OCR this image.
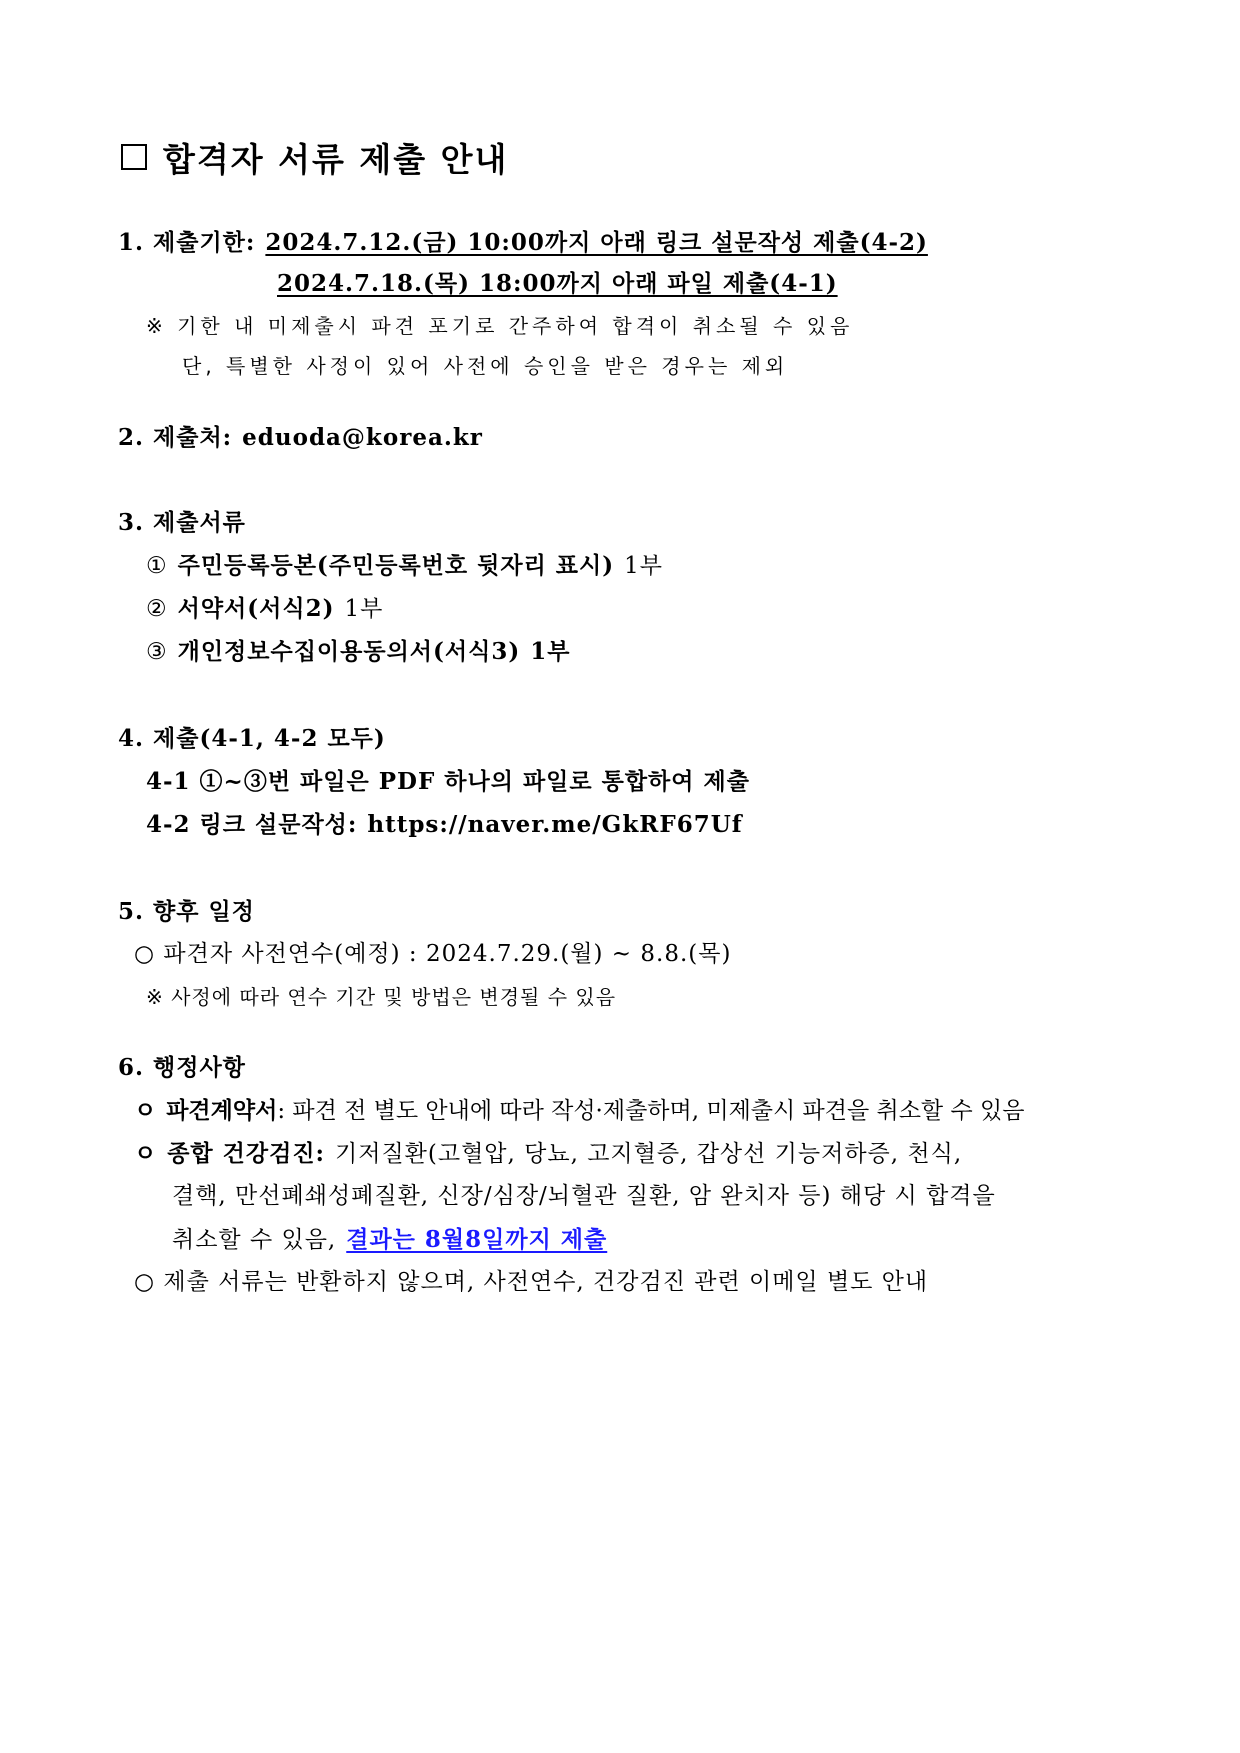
합격자 서류 제출 안내
1. 제출기한: 2024.7.12.(금) 10:00까지 아래 링크 설문작성 제출(4-2)
2024.7.18.(목) 18:00까지 아래 파일 제출(4-1)
※ 기한 내 미제출시 파견 포기로 간주하여 합격이 취소될 수 있음
단, 특별한 사정이 있어 사전에 승인을 받은 경우는 제외
2. 제출처: eduoda@korea.kr
3. 제출서류
① 주민등록등본(주민등록번호 뒷자리 표시) 1부
② 서약서(서식2) 1부
③ 개인정보수집이용동의서(서식3) 1부
4. 제출(4-1, 4-2 모두)
4-1 ①~③번 파일은 PDF 하나의 파일로 통합하여 제출
4-2 링크 설문작성: https://naver.me/GkRF67Uf
5. 향후 일정
○ 파견자 사전연수(예정) : 2024.7.29.(월) ~ 8.8.(목)
※ 사정에 따라 연수 기간 및 방법은 변경될 수 있음
6. 행정사항
ㅇ 파견계약서: 파견 전 별도 안내에 따라 작성·제출하며, 미제출시 파견을 취소할 수 있음
ㅇ 종합 건강검진: 기저질환(고혈압, 당뇨, 고지혈증, 갑상선 기능저하증, 천식,
결핵, 만선폐쇄성폐질환, 신장/심장/뇌혈관 질환, 암 완치자 등) 해당 시 합격을
취소할 수 있음, 결과는 8월8일까지 제출
○ 제출 서류는 반환하지 않으며, 사전연수, 건강검진 관련 이메일 별도 안내
